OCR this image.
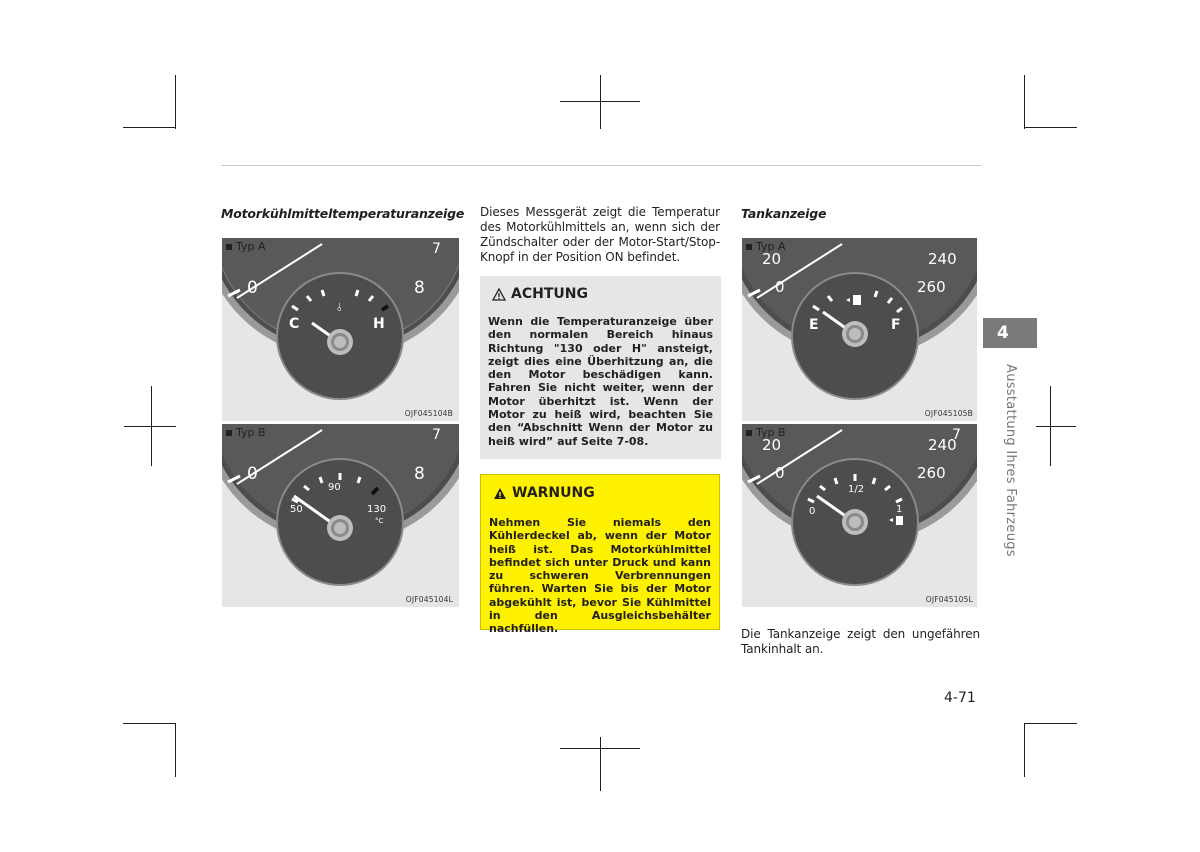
Motorkühlmitteltemperaturanzeige
⫰
7
Typ A
0	8
C	H
OJF045104B
7
Typ B
0	8
50
90
130
°C
OJF045104L
Dieses Messgerät zeigt die Temperatur des Motorkühlmittels an, wenn sich der Zündschalter oder der Motor-Start/Stop-Knopf in der Position ON befindet.
ACHTUNG
Wenn die Temperaturanzeige über den normalen Bereich hinaus Richtung "130 oder H" ansteigt, zeigt dies eine Überhitzung an, die den Motor beschädigen kann. Fahren Sie nicht weiter, wenn der Motor überhitzt ist. Wenn der Motor zu heiß wird, beachten Sie den “Abschnitt Wenn der Motor zu heiß wird” auf Seite 7-08.
WARNUNG
Nehmen Sie niemals den Kühlerdeckel ab, wenn der Motor heiß ist. Das Motorkühlmittel befindet sich unter Druck und kann zu schweren Verbrennungen führen. Warten Sie bis der Motor abgekühlt ist, bevor Sie Kühlmittel in den Ausgleichsbehälter nachfüllen.
Tankanzeige
Typ A
20
0
240
260
E	F
OJF045105B
7
Typ B
20
0
240
260
0
1/2
1
OJF045105L
Die Tankanzeige zeigt den ungefähren Tankinhalt an.
4
Ausstattung Ihres Fahrzeugs
4-71
